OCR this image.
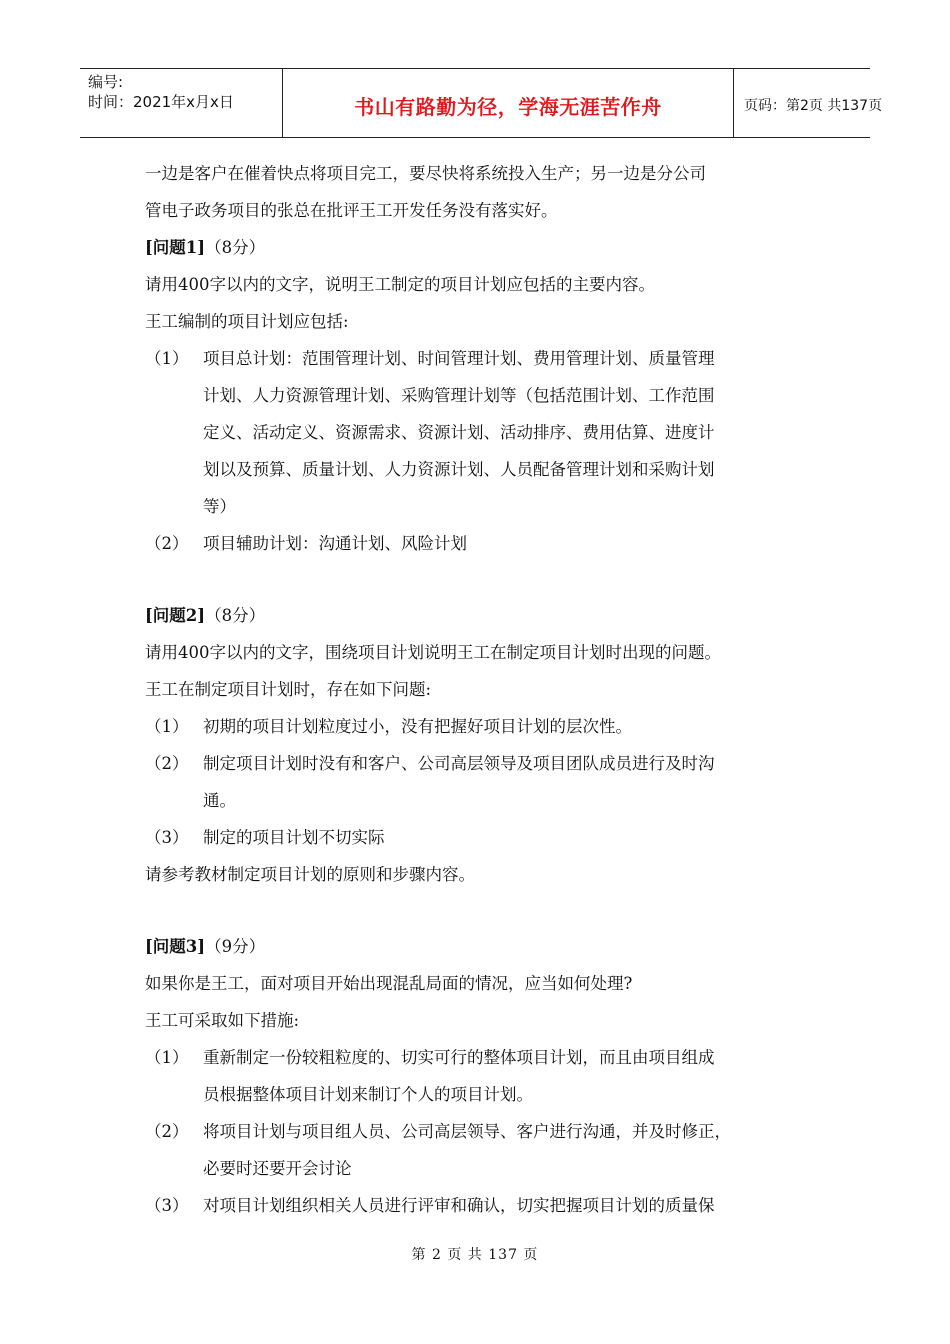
编号:
时间：2021年x月x日	书山有路勤为径，学海无涯苦作舟	页码：第2页 共137页
一边是客户在催着快点将项目完工，要尽快将系统投入生产；另一边是分公司
管电子政务项目的张总在批评王工开发任务没有落实好。
[问题1]（8分）
请用400字以内的文字，说明王工制定的项目计划应包括的主要内容。
王工编制的项目计划应包括:
（1） 项目总计划：范围管理计划、时间管理计划、费用管理计划、质量管理
计划、人力资源管理计划、采购管理计划等（包括范围计划、工作范围
定义、活动定义、资源需求、资源计划、活动排序、费用估算、进度计
划以及预算、质量计划、人力资源计划、人员配备管理计划和采购计划
等）
（2） 项目辅助计划：沟通计划、风险计划
[问题2]（8分）
请用400字以内的文字，围绕项目计划说明王工在制定项目计划时出现的问题。
王工在制定项目计划时，存在如下问题:
（1） 初期的项目计划粒度过小，没有把握好项目计划的层次性。
（2） 制定项目计划时没有和客户、公司高层领导及项目团队成员进行及时沟
通。
（3） 制定的项目计划不切实际
请参考教材制定项目计划的原则和步骤内容。
[问题3]（9分）
如果你是王工，面对项目开始出现混乱局面的情况，应当如何处理?
王工可采取如下措施:
（1） 重新制定一份较粗粒度的、切实可行的整体项目计划，而且由项目组成
员根据整体项目计划来制订个人的项目计划。
（2） 将项目计划与项目组人员、公司高层领导、客户进行沟通，并及时修正，
必要时还要开会讨论
（3） 对项目计划组织相关人员进行评审和确认，切实把握项目计划的质量保
第 2 页 共 137 页
